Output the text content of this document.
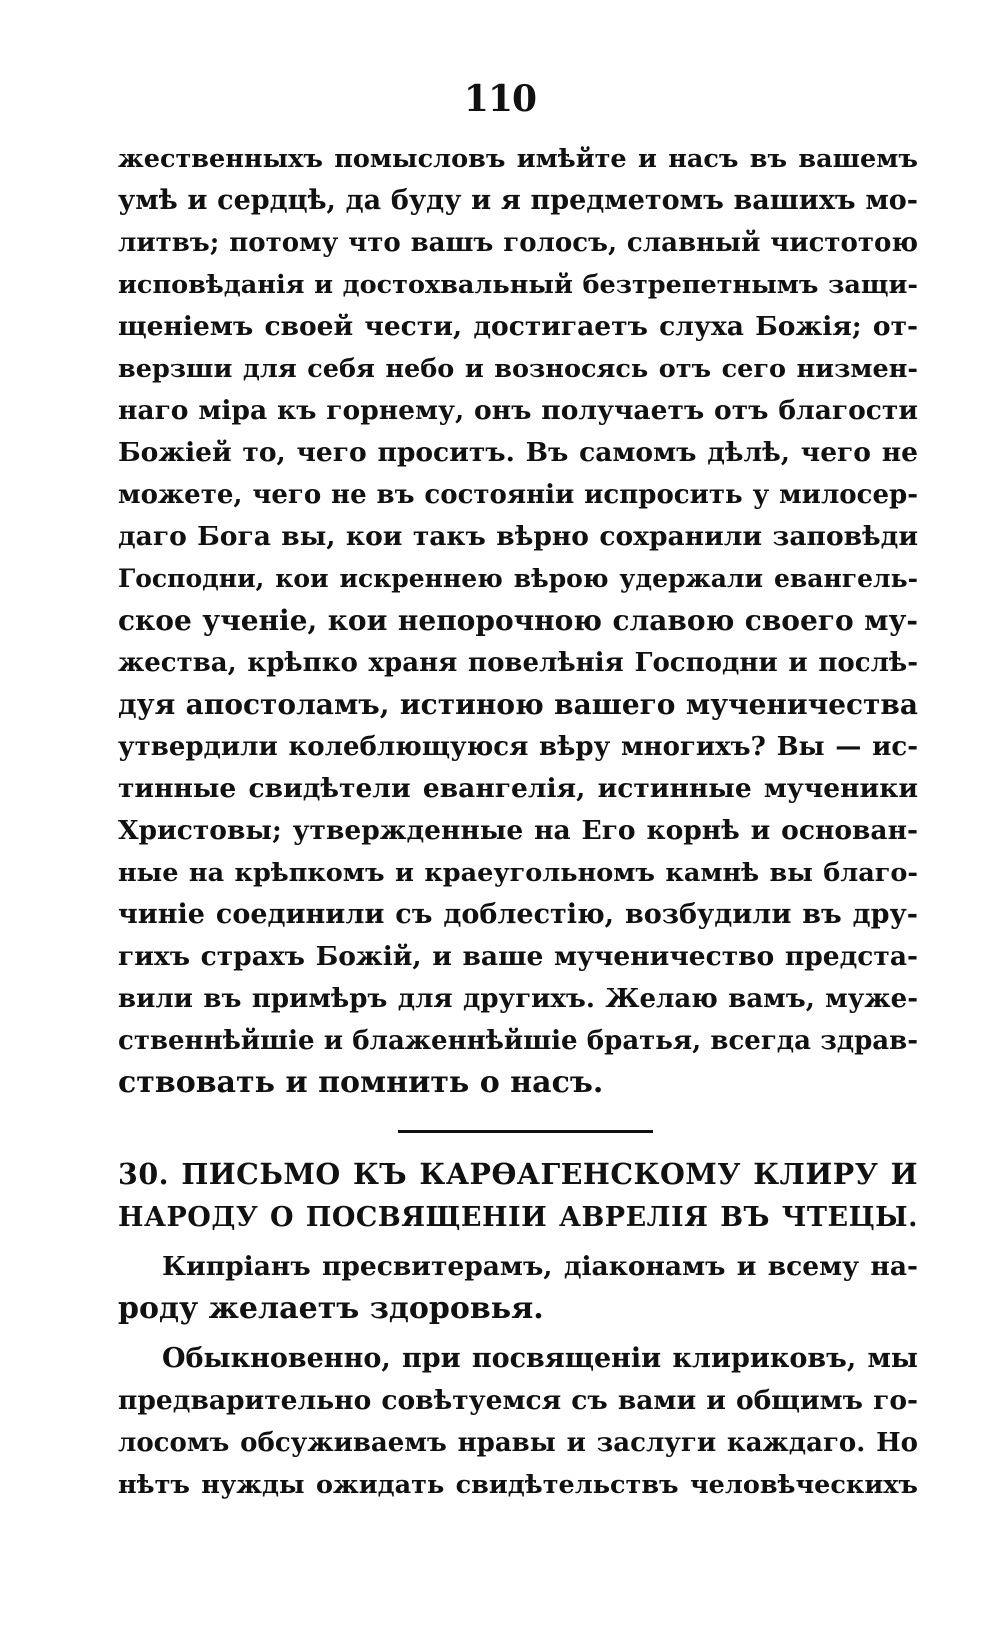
110
жественныхъ помысловъ имѣйте и насъ въ вашемъ
умѣ и сердцѣ, да буду и я предметомъ вашихъ мо-
литвъ; потому что вашъ голосъ, славный чистотою
исповѣданія и достохвальный безтрепетнымъ защи-
щеніемъ своей чести, достигаетъ слуха Божія; от-
верзши для себя небо и возносясь отъ сего низмен-
наго міра къ горнему, онъ получаетъ отъ благости
Божіей то, чего проситъ. Въ самомъ дѣлѣ, чего не
можете, чего не въ состояніи испросить у милосер-
даго Бога вы, кои такъ вѣрно сохранили заповѣди
Господни, кои искреннею вѣрою удержали евангель-
ское ученіе, кои непорочною славою своего му-
жества, крѣпко храня повелѣнія Господни и послѣ-
дуя апостоламъ, истиною вашего мученичества
утвердили колеблющуюся вѣру многихъ? Вы — ис-
тинные свидѣтели евангелія, истинные мученики
Христовы; утвержденные на Его корнѣ и основан-
ные на крѣпкомъ и краеугольномъ камнѣ вы благо-
чиніе соединили съ доблестію, возбудили въ дру-
гихъ страхъ Божій, и ваше мученичество предста-
вили въ примѣръ для другихъ. Желаю вамъ, муже-
ственнѣйшіе и блаженнѣйшіе братья, всегда здрав-
ствовать и помнить о насъ.
30. ПИСЬМО КЪ КАРѲАГЕНСКОМУ КЛИРУ И
НАРОДУ О ПОСВЯЩЕНІИ АВРЕЛІЯ ВЪ ЧТЕЦЫ.
Кипріанъ пресвитерамъ, діаконамъ и всему на-
роду желаетъ здоровья.
Обыкновенно, при посвященіи клириковъ, мы
предварительно совѣтуемся съ вами и общимъ го-
лосомъ обсуживаемъ нравы и заслуги каждаго. Но
нѣтъ нужды ожидать свидѣтельствъ человѣческихъ
